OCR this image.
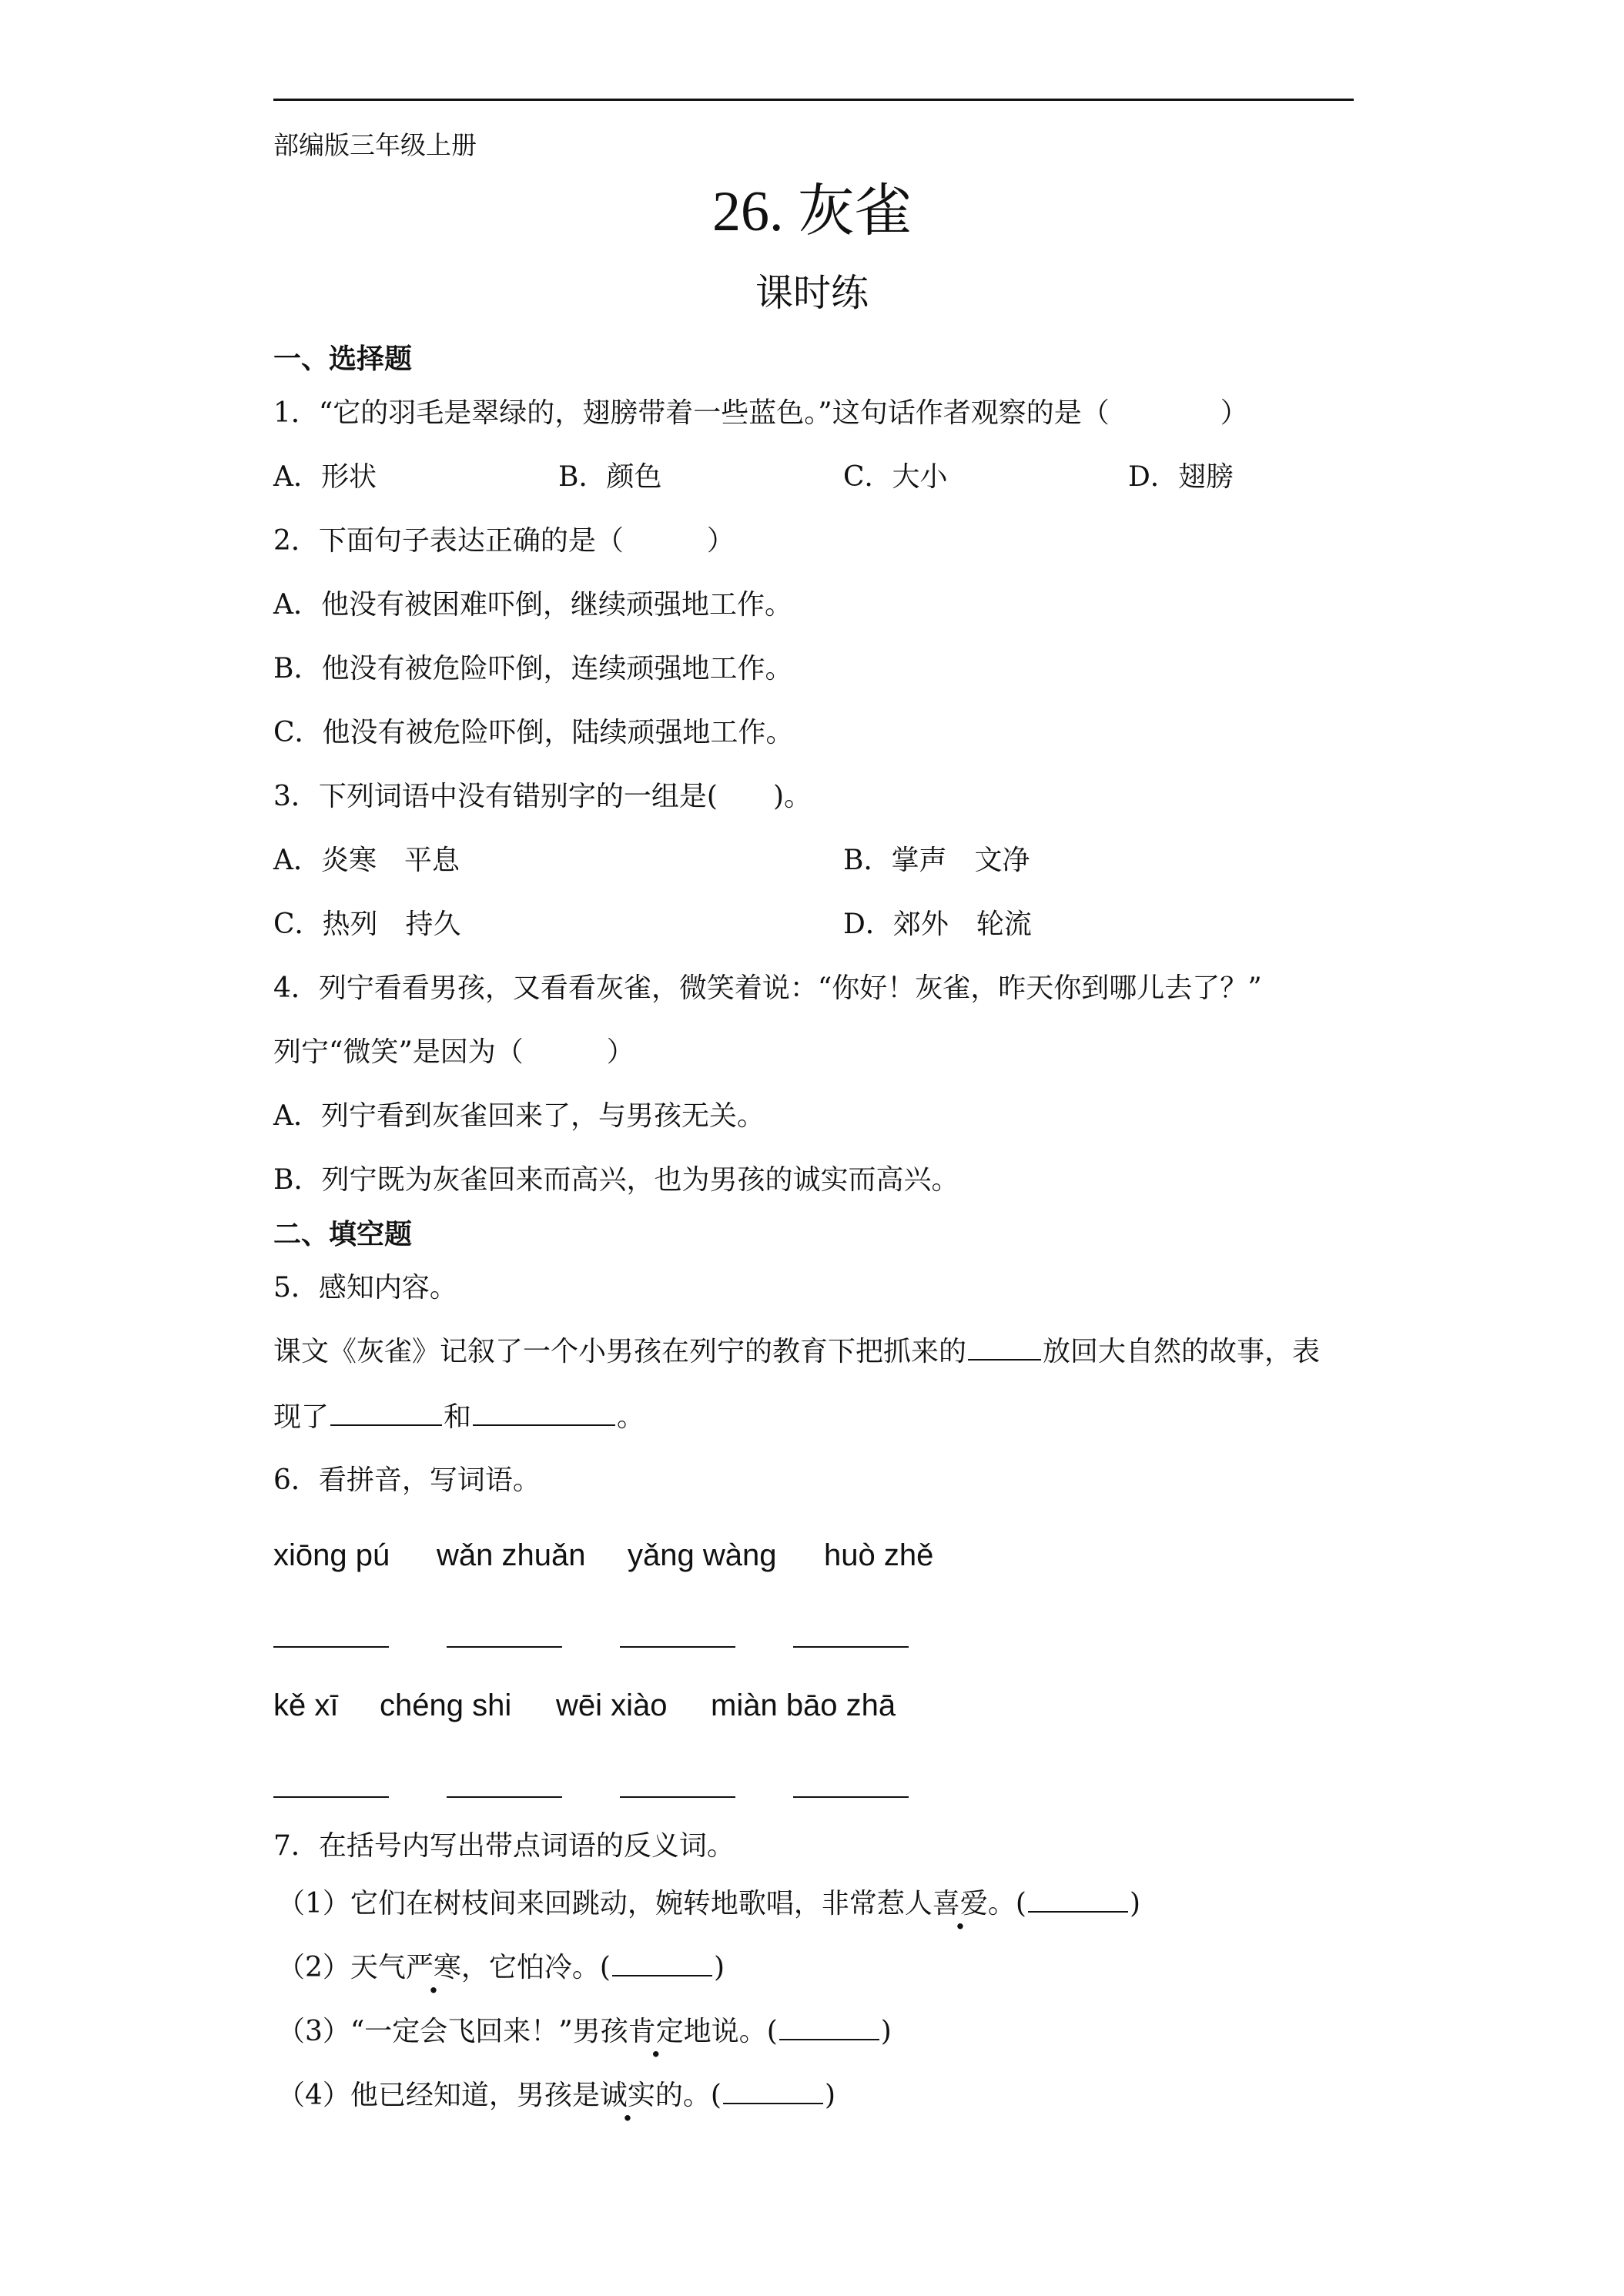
部编版三年级上册
26. 灰雀
课时练
一、选择题
1．“它的羽毛是翠绿的，翅膀带着一些蓝色。”这句话作者观察的是（　　　　）
A．形状	B．颜色	C．大小	D．翅膀
2．下面句子表达正确的是（　　　）
A．他没有被困难吓倒，继续顽强地工作。
B．他没有被危险吓倒，连续顽强地工作。
C．他没有被危险吓倒，陆续顽强地工作。
3．下列词语中没有错别字的一组是(　　)。
A．炎寒　平息	B．掌声　文净
C．热列　持久	D．郊外　轮流
4．列宁看看男孩，又看看灰雀，微笑着说：“你好！灰雀，昨天你到哪儿去了？”
列宁“微笑”是因为（　　　）
A．列宁看到灰雀回来了，与男孩无关。
B．列宁既为灰雀回来而高兴，也为男孩的诚实而高兴。
二、填空题
5．感知内容。
课文《灰雀》记叙了一个小男孩在列宁的教育下把抓来的	放回大自然的故事，表
现了	和	。
6．看拼音，写词语。
xiōng pú wǎn zhuǎn yǎng wàng huò zhě
kě xī chéng shi wēi xiào miàn bāo zhā
7．在括号内写出带点词语的反义词。
（1）它们在树枝间来回跳动，婉转地歌唱，非常惹人喜爱。(	)
（2）天气严寒，它怕冷。(	)
（3）“一定会飞回来！”男孩肯定地说。(	)
（4）他已经知道，男孩是诚实的。(	)
